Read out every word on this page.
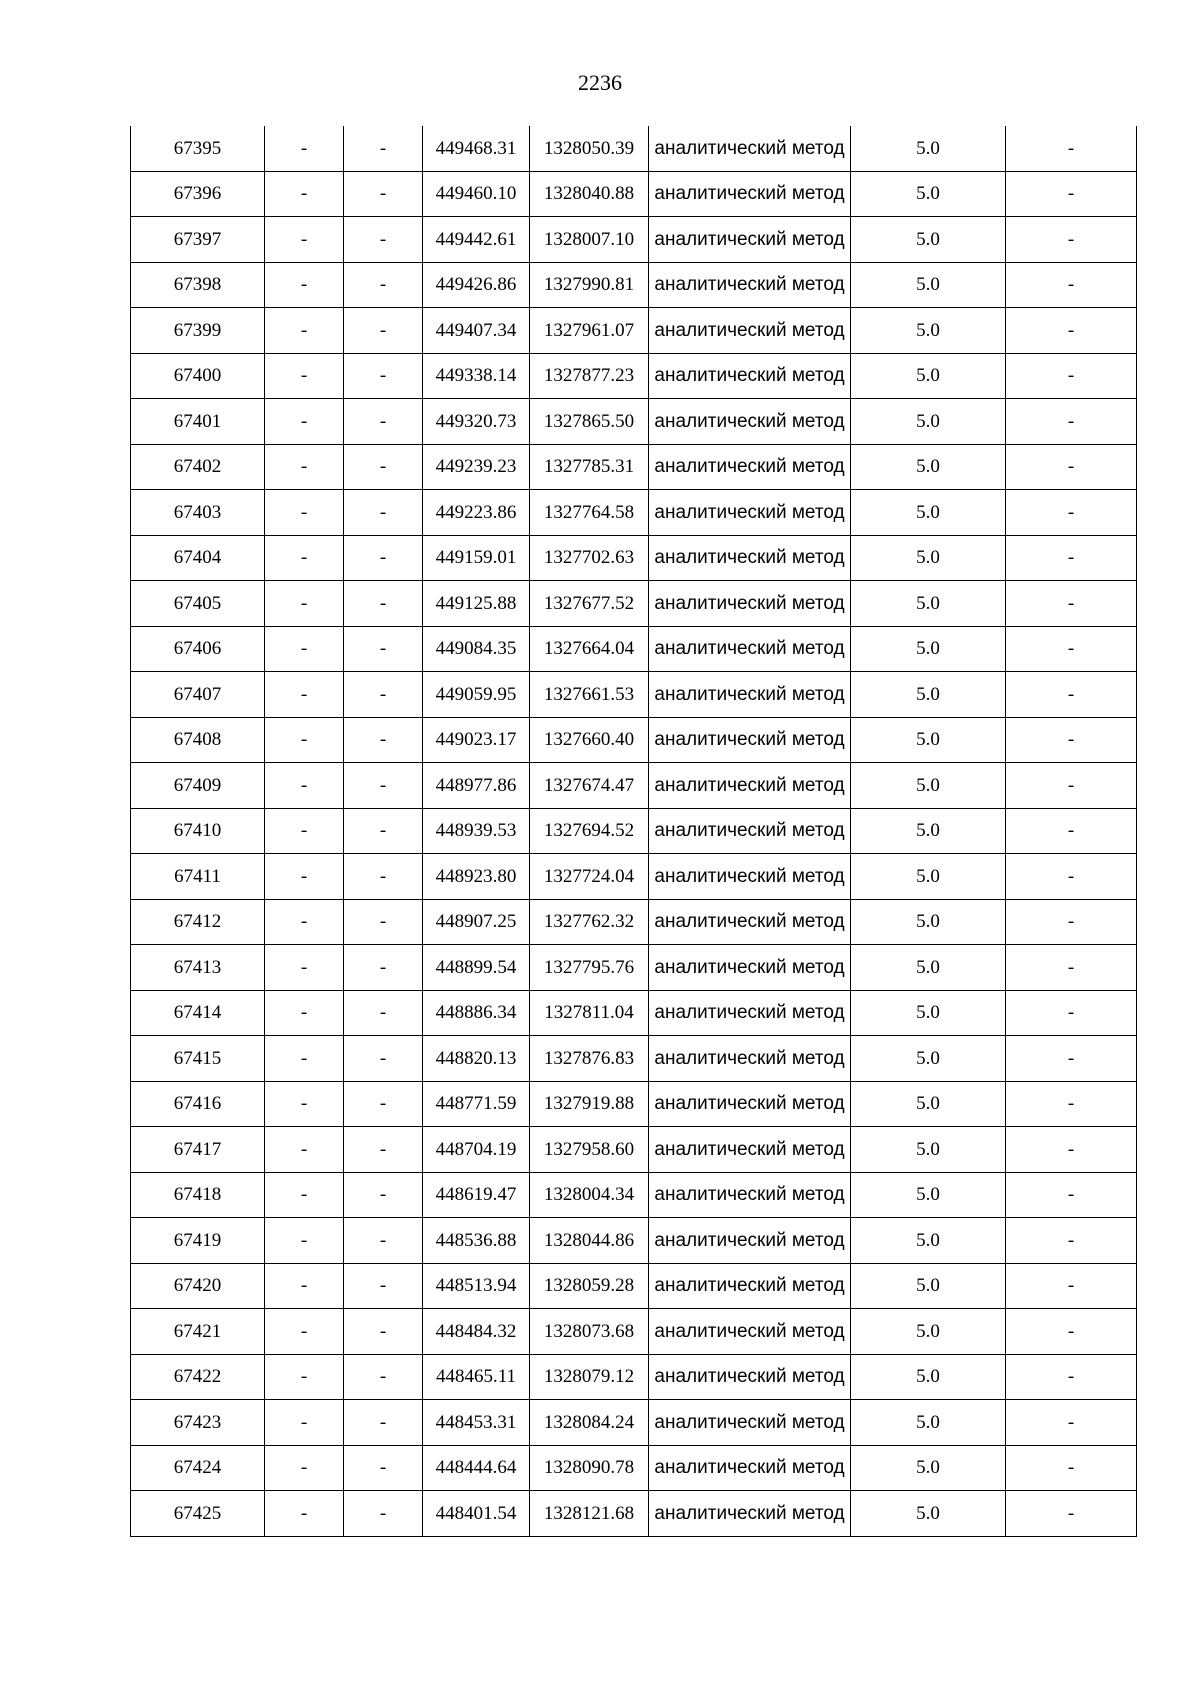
2236
67395	-	-	449468.31	1328050.39	аналитический метод	5.0	-
67396	-	-	449460.10	1328040.88	аналитический метод	5.0	-
67397	-	-	449442.61	1328007.10	аналитический метод	5.0	-
67398	-	-	449426.86	1327990.81	аналитический метод	5.0	-
67399	-	-	449407.34	1327961.07	аналитический метод	5.0	-
67400	-	-	449338.14	1327877.23	аналитический метод	5.0	-
67401	-	-	449320.73	1327865.50	аналитический метод	5.0	-
67402	-	-	449239.23	1327785.31	аналитический метод	5.0	-
67403	-	-	449223.86	1327764.58	аналитический метод	5.0	-
67404	-	-	449159.01	1327702.63	аналитический метод	5.0	-
67405	-	-	449125.88	1327677.52	аналитический метод	5.0	-
67406	-	-	449084.35	1327664.04	аналитический метод	5.0	-
67407	-	-	449059.95	1327661.53	аналитический метод	5.0	-
67408	-	-	449023.17	1327660.40	аналитический метод	5.0	-
67409	-	-	448977.86	1327674.47	аналитический метод	5.0	-
67410	-	-	448939.53	1327694.52	аналитический метод	5.0	-
67411	-	-	448923.80	1327724.04	аналитический метод	5.0	-
67412	-	-	448907.25	1327762.32	аналитический метод	5.0	-
67413	-	-	448899.54	1327795.76	аналитический метод	5.0	-
67414	-	-	448886.34	1327811.04	аналитический метод	5.0	-
67415	-	-	448820.13	1327876.83	аналитический метод	5.0	-
67416	-	-	448771.59	1327919.88	аналитический метод	5.0	-
67417	-	-	448704.19	1327958.60	аналитический метод	5.0	-
67418	-	-	448619.47	1328004.34	аналитический метод	5.0	-
67419	-	-	448536.88	1328044.86	аналитический метод	5.0	-
67420	-	-	448513.94	1328059.28	аналитический метод	5.0	-
67421	-	-	448484.32	1328073.68	аналитический метод	5.0	-
67422	-	-	448465.11	1328079.12	аналитический метод	5.0	-
67423	-	-	448453.31	1328084.24	аналитический метод	5.0	-
67424	-	-	448444.64	1328090.78	аналитический метод	5.0	-
67425	-	-	448401.54	1328121.68	аналитический метод	5.0	-
